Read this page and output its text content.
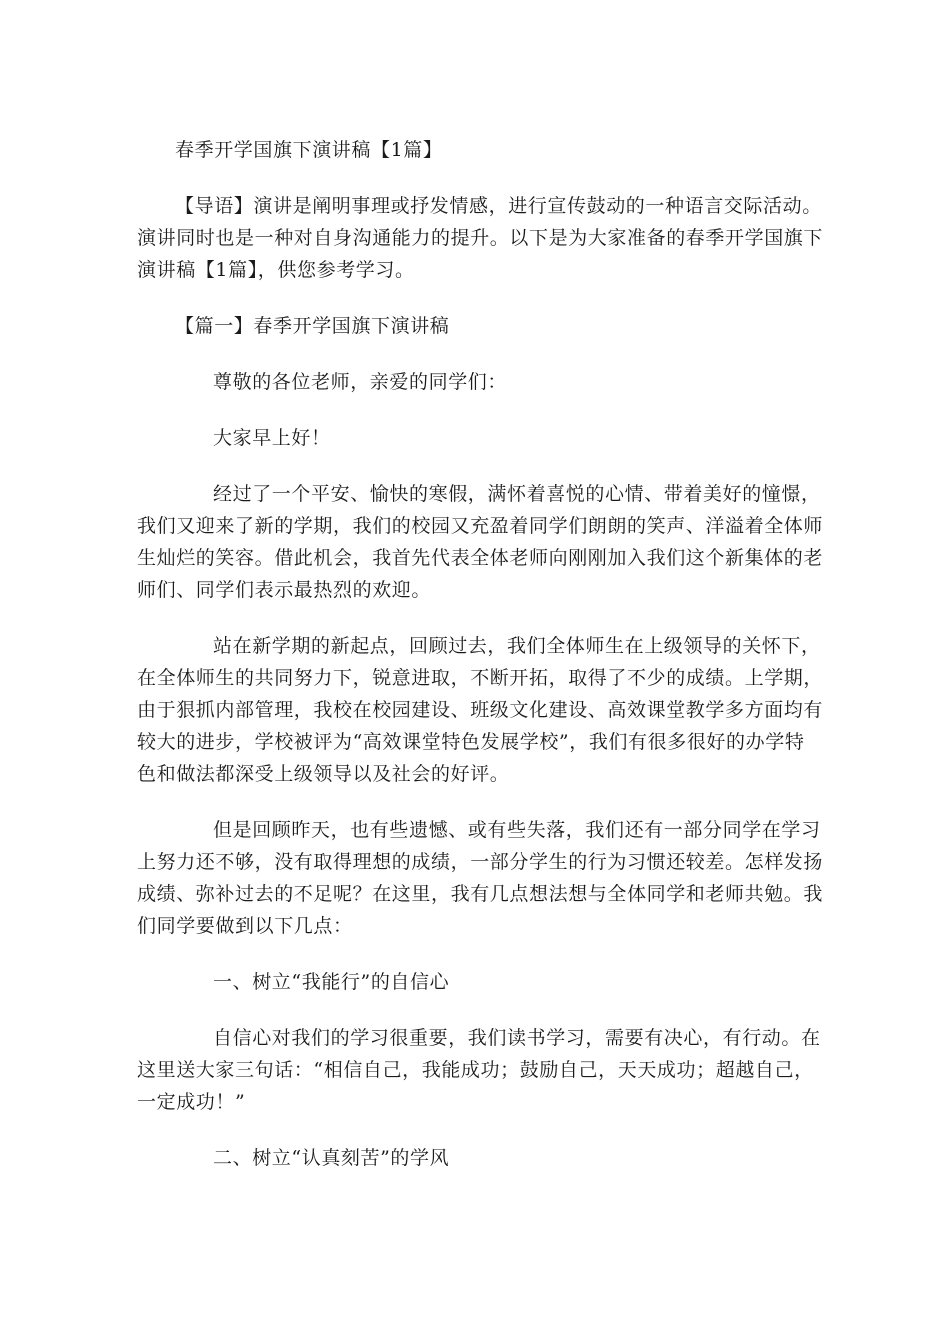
春季开学国旗下演讲稿【1篇】
【导语】演讲是阐明事理或抒发情感，进行宣传鼓动的一种语言交际活动。
演讲同时也是一种对自身沟通能力的提升。以下是为大家准备的春季开学国旗下
演讲稿【1篇】，供您参考学习。
【篇一】春季开学国旗下演讲稿
尊敬的各位老师，亲爱的同学们：
大家早上好！
经过了一个平安、愉快的寒假，满怀着喜悦的心情、带着美好的憧憬，
我们又迎来了新的学期，我们的校园又充盈着同学们朗朗的笑声、洋溢着全体师
生灿烂的笑容。借此机会，我首先代表全体老师向刚刚加入我们这个新集体的老
师们、同学们表示最热烈的欢迎。
站在新学期的新起点，回顾过去，我们全体师生在上级领导的关怀下，
在全体师生的共同努力下，锐意进取，不断开拓，取得了不少的成绩。上学期，
由于狠抓内部管理，我校在校园建设、班级文化建设、高效课堂教学多方面均有
较大的进步，学校被评为“高效课堂特色发展学校”，我们有很多很好的办学特
色和做法都深受上级领导以及社会的好评。
但是回顾昨天，也有些遗憾、或有些失落，我们还有一部分同学在学习
上努力还不够，没有取得理想的成绩，一部分学生的行为习惯还较差。怎样发扬
成绩、弥补过去的不足呢？在这里，我有几点想法想与全体同学和老师共勉。我
们同学要做到以下几点：
一、树立“我能行”的自信心
自信心对我们的学习很重要，我们读书学习，需要有决心，有行动。在
这里送大家三句话：“相信自己，我能成功；鼓励自己，天天成功；超越自己，
一定成功！”
二、树立“认真刻苦”的学风
